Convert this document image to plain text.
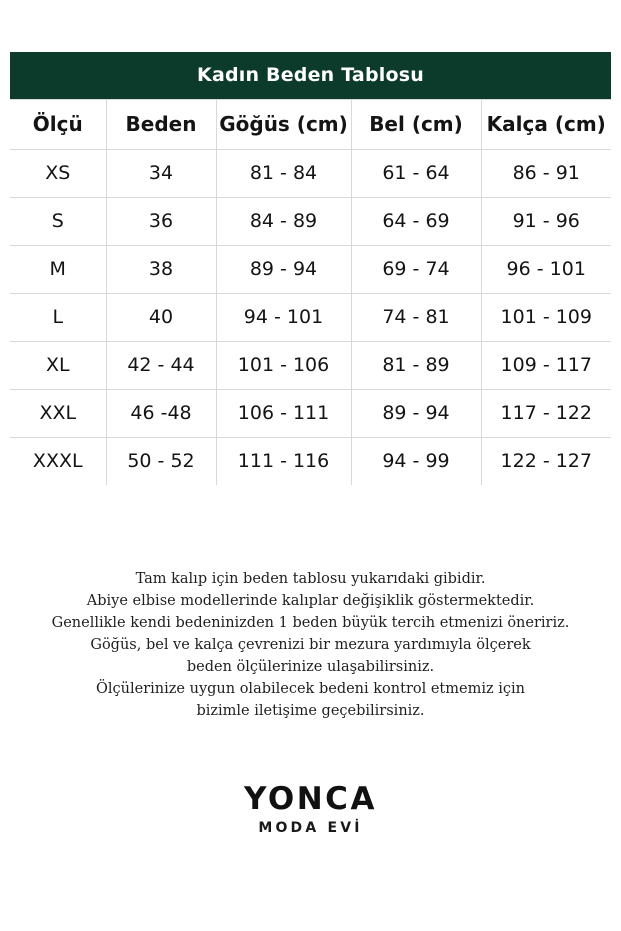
Kadın Beden Tablosu
Ölçü	Beden	Göğüs (cm)	Bel (cm)	Kalça (cm)
XS	34	81 - 84	61 - 64	86 - 91
S	36	84 - 89	64 - 69	91 - 96
M	38	89 - 94	69 - 74	96 - 101
L	40	94 - 101	74 - 81	101 - 109
XL	42 - 44	101 - 106	81 - 89	109 - 117
XXL	46 -48	106 - 111	89 - 94	117 - 122
XXXL	50 - 52	111 - 116	94 - 99	122 - 127

Tam kalıp için beden tablosu yukarıdaki gibidir.

Abiye elbise modellerinde kalıplar değişiklik göstermektedir.

Genellikle kendi bedeninizden 1 beden büyük tercih etmenizi öneririz.

Göğüs, bel ve kalça çevrenizi bir mezura yardımıyla ölçerek

beden ölçülerinize ulaşabilirsiniz.

Ölçülerinize uygun olabilecek bedeni kontrol etmemiz için

bizimle iletişime geçebilirsiniz.

YONCA
MODA EVİ
